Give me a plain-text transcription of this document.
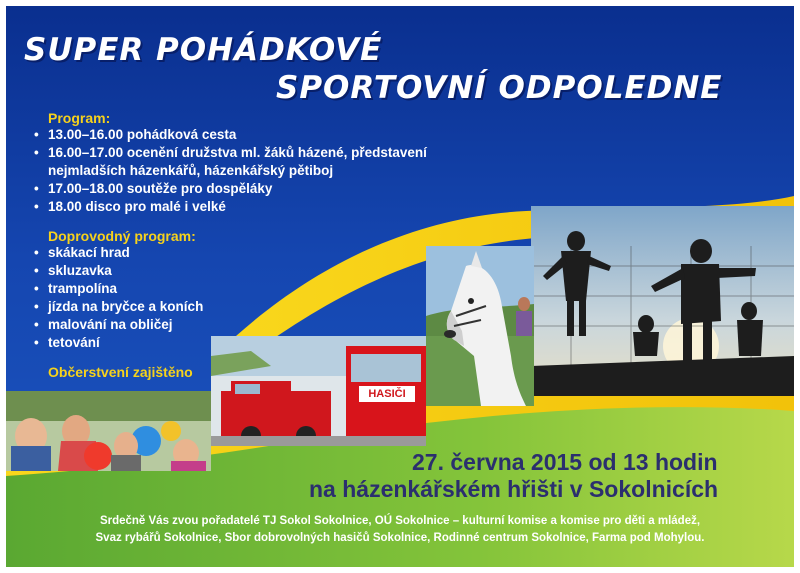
HASIČI
SUPER POHÁDKOVÉ
SPORTOVNÍ ODPOLEDNE

Program:

• 13.00–16.00 pohádková cesta
• 16.00–17.00 ocenění družstva ml. žáků házené, představení nejmladších házenkářů, házenkářský pětiboj
• 17.00–18.00 soutěže pro dospěláky
• 18.00 disco pro malé i velké

Doprovodný program:

• skákací hrad
• skluzavka
• trampolína
• jízda na bryčce a koních
• malování na obličej
• tetování

Občerstvení zajištěno

27. června 2015 od 13 hodin

na házenkářském hřišti v Sokolnicích

Srdečně Vás zvou pořadatelé TJ Sokol Sokolnice, OÚ Sokolnice – kulturní komise a komise pro děti a mládež,

Svaz rybářů Sokolnice, Sbor dobrovolných hasičů Sokolnice, Rodinné centrum Sokolnice, Farma pod Mohylou.
